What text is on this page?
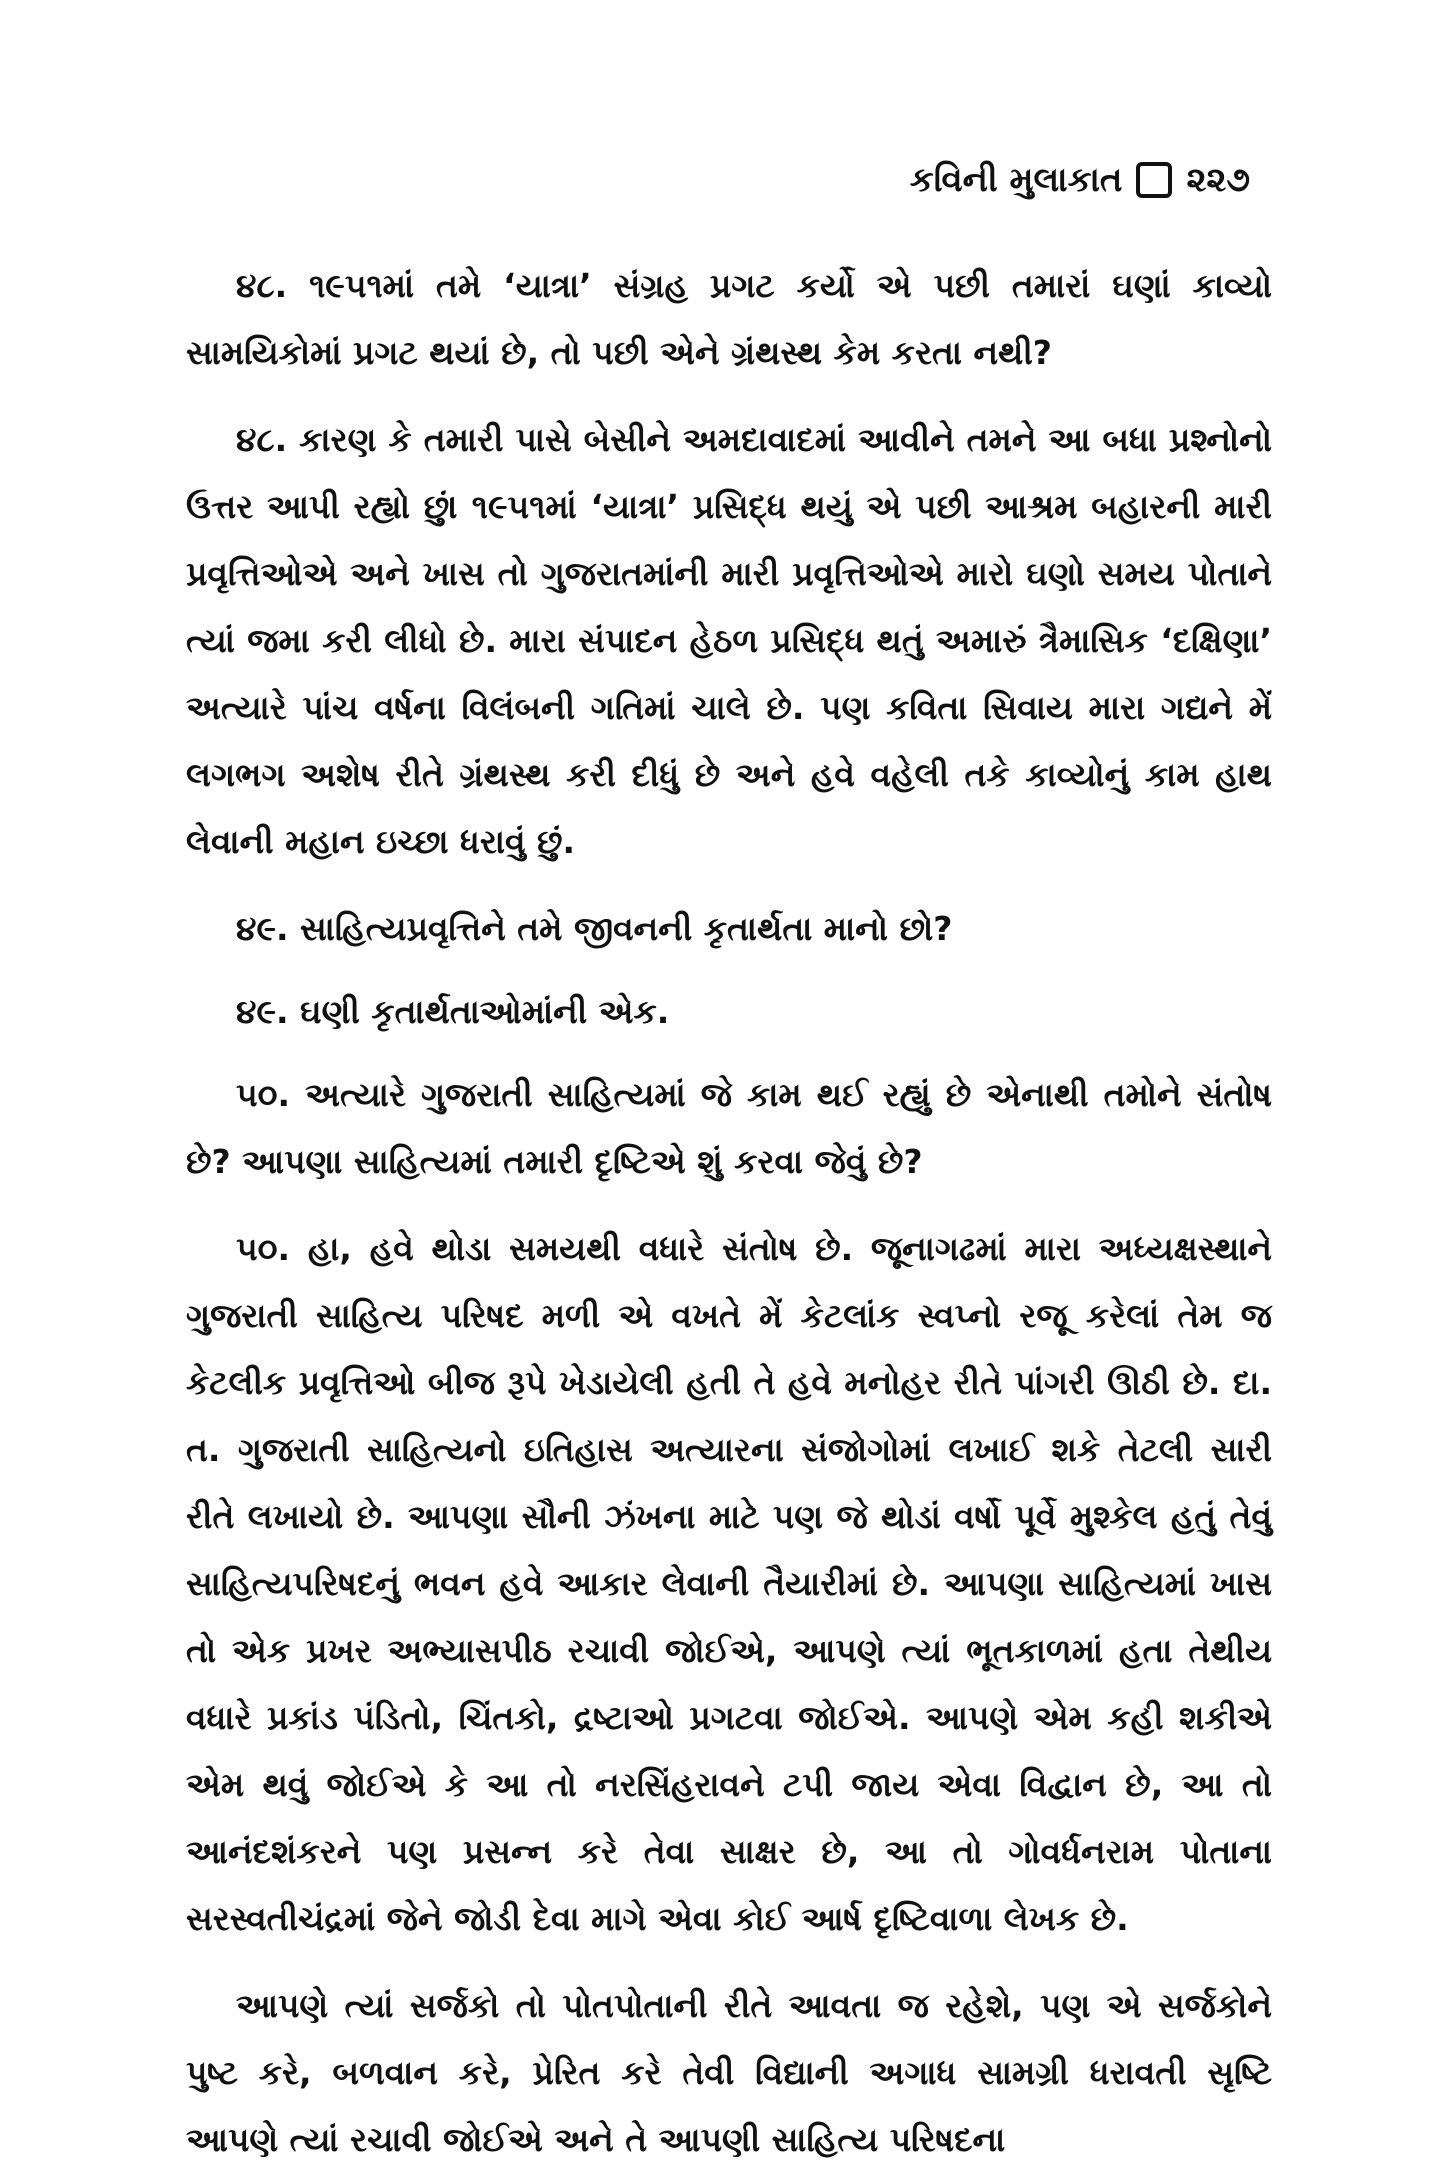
કવિની મુલાકાત ૨૨૭

૪૮. ૧૯૫૧માં તમે ‘યાત્રા’ સંગ્રહ પ્રગટ કર્યો એ પછી તમારાં ઘણાં કાવ્યો સામયિકોમાં પ્રગટ થયાં છે, તો પછી એને ગ્રંથસ્થ કેમ કરતા નથી?

૪૮. કારણ કે તમારી પાસે બેસીને અમદાવાદમાં આવીને તમને આ બધા પ્રશ્નોનો ઉત્તર આપી રહ્યો છું। ૧૯૫૧માં ‘યાત્રા’ પ્રસિદ્ધ થયું એ પછી આશ્રમ બહારની મારી પ્રવૃત્તિઓએ અને ખાસ તો ગુજરાતમાંની મારી પ્રવૃત્તિઓએ મારો ઘણો સમય પોતાને ત્યાં જમા કરી લીધો છે. મારા સંપાદન હેઠળ પ્રસિદ્ધ થતું અમારું ત્રૈમાસિક ‘દક્ષિણા’ અત્યારે પાંચ વર્ષના વિલંબની ગતિમાં ચાલે છે. પણ કવિતા સિવાય મારા ગદ્યને મેં લગભગ અશેષ રીતે ગ્રંથસ્થ કરી દીધું છે અને હવે વહેલી તકે કાવ્યોનું કામ હાથ લેવાની મહાન ઇચ્છા ધરાવું છું.

૪૯. સાહિત્યપ્રવૃત્તિને તમે જીવનની કૃતાર્થતા માનો છો?

૪૯. ઘણી કૃતાર્થતાઓમાંની એક.

૫૦. અત્યારે ગુજરાતી સાહિત્યમાં જે કામ થઈ રહ્યું છે એનાથી તમોને સંતોષ છે? આપણા સાહિત્યમાં તમારી દૃષ્ટિએ શું કરવા જેવું છે?

૫૦. હા, હવે થોડા સમયથી વધારે સંતોષ છે. જૂનાગઢમાં મારા અધ્યક્ષસ્થાને ગુજરાતી સાહિત્ય પરિષદ મળી એ વખતે મેં કેટલાંક સ્વપ્નો રજૂ કરેલાં તેમ જ કેટલીક પ્રવૃત્તિઓ બીજ રૂપે ખેડાયેલી હતી તે હવે મનોહર રીતે પાંગરી ઊઠી છે. દા. ત. ગુજરાતી સાહિત્યનો ઇતિહાસ અત્યારના સંજોગોમાં લખાઈ શકે તેટલી સારી રીતે લખાયો છે. આપણા સૌની ઝંખના માટે પણ જે થોડાં વર્ષો પૂર્વે મુશ્કેલ હતું તેવું સાહિત્યપરિષદનું ભવન હવે આકાર લેવાની તૈયારીમાં છે. આપણા સાહિત્યમાં ખાસ તો એક પ્રખર અભ્યાસપીઠ રચાવી જોઈએ, આપણે ત્યાં ભૂતકાળમાં હતા તેથીય વધારે પ્રકાંડ પંડિતો, ચિંતકો, દ્રષ્ટાઓ પ્રગટવા જોઈએ. આપણે એમ કહી શકીએ એમ થવું જોઈએ કે આ તો નરસિંહરાવને ટપી જાય એવા વિદ્વાન છે, આ તો આનંદશંકરને પણ પ્રસન્ન કરે તેવા સાક્ષર છે, આ તો ગોવર્ધનરામ પોતાના સરસ્વતીચંદ્રમાં જેને જોડી દેવા માગે એવા કોઈ આર્ષ દૃષ્ટિવાળા લેખક છે.

આપણે ત્યાં સર્જકો તો પોતપોતાની રીતે આવતા જ રહેશે, પણ એ સર્જકોને પુષ્ટ કરે, બળવાન કરે, પ્રેરિત કરે તેવી વિદ્યાની અગાધ સામગ્રી ધરાવતી સૃષ્ટિ આપણે ત્યાં રચાવી જોઈએ અને તે આપણી સાહિત્ય પરિષદના
